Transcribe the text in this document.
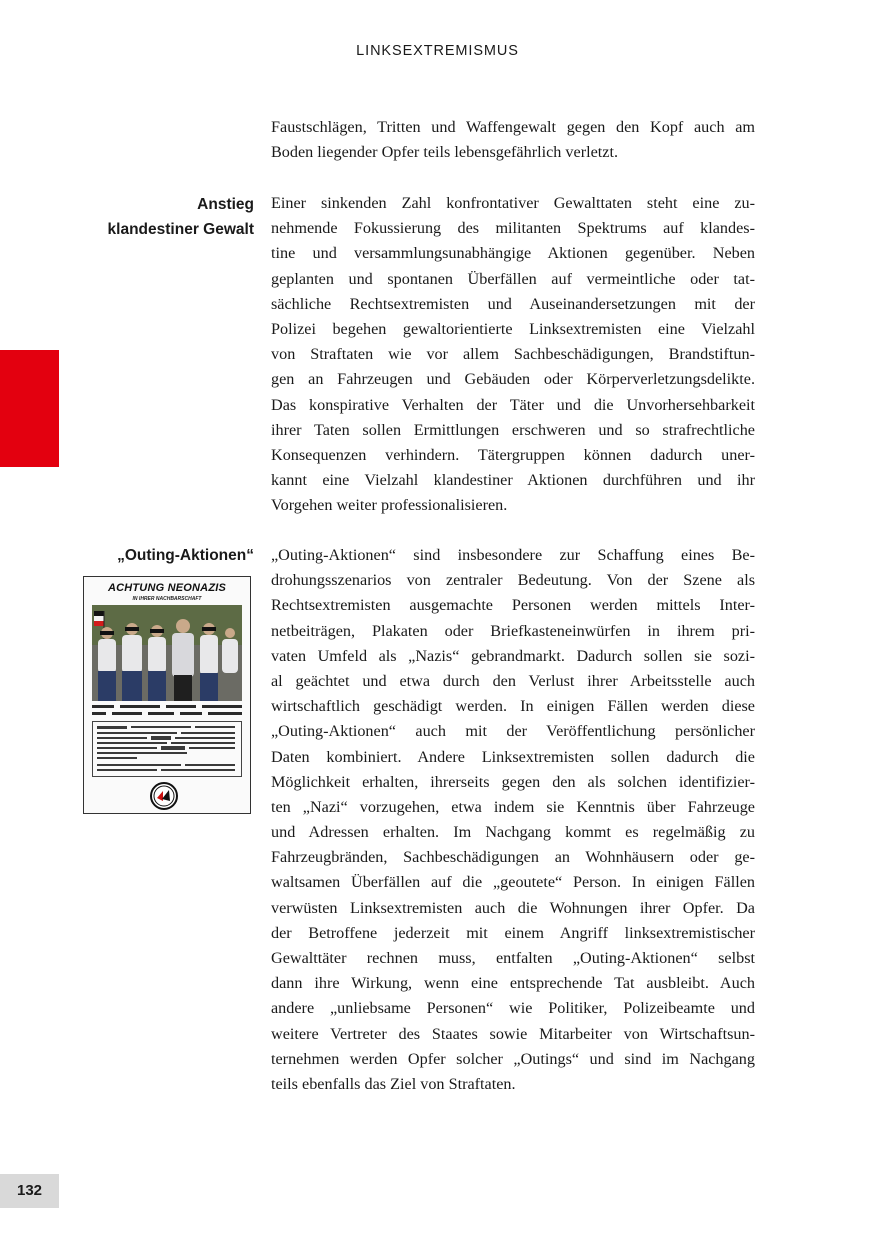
LINKSEXTREMISMUS
132
Faustschlägen, Tritten und Waffengewalt gegen den Kopf auch am
Boden liegender Opfer teils lebensgefährlich verletzt.
Anstieg
klandestiner Gewalt
Einer sinkenden Zahl konfrontativer Gewalttaten steht eine zu-
nehmende Fokussierung des militanten Spektrums auf klandes-
tine und versammlungsunabhängige Aktionen gegenüber. Neben
geplanten und spontanen Überfällen auf vermeintliche oder tat-
sächliche Rechtsextremisten und Auseinandersetzungen mit der
Polizei begehen gewaltorientierte Linksextremisten eine Vielzahl
von Straftaten wie vor allem Sachbeschädigungen, Brandstiftun-
gen an Fahrzeugen und Gebäuden oder Körperverletzungsdelikte.
Das konspirative Verhalten der Täter und die Unvorhersehbarkeit
ihrer Taten sollen Ermittlungen erschweren und so strafrechtliche
Konsequenzen verhindern. Tätergruppen können dadurch uner-
kannt eine Vielzahl klandestiner Aktionen durchführen und ihr
Vorgehen weiter professionalisieren.
„Outing-Aktionen“ „Outing-Aktionen“ sind insbesondere zur Schaffung eines Be-
drohungsszenarios von zentraler Bedeutung. Von der Szene als
Rechtsextremisten ausgemachte Personen werden mittels Inter-
netbeiträgen, Plakaten oder Briefkasteneinwürfen in ihrem pri-
vaten Umfeld als „Nazis“ gebrandmarkt. Dadurch sollen sie sozi-
al geächtet und etwa durch den Verlust ihrer Arbeitsstelle auch
wirtschaftlich geschädigt werden. In einigen Fällen werden diese
„Outing-Aktionen“ auch mit der Veröffentlichung persönlicher
Daten kombiniert. Andere Linksextremisten sollen dadurch die
Möglichkeit erhalten, ihrerseits gegen den als solchen identifizier-
ten „Nazi“ vorzugehen, etwa indem sie Kenntnis über Fahrzeuge
und Adressen erhalten. Im Nachgang kommt es regelmäßig zu
Fahrzeugbränden, Sachbeschädigungen an Wohnhäusern oder ge-
waltsamen Überfällen auf die „geoutete“ Person. In einigen Fällen
verwüsten Linksextremisten auch die Wohnungen ihrer Opfer. Da
der Betroffene jederzeit mit einem Angriff linksextremistischer
Gewalttäter rechnen muss, entfalten „Outing-Aktionen“ selbst
dann ihre Wirkung, wenn eine entsprechende Tat ausbleibt. Auch
andere „unliebsame Personen“ wie Politiker, Polizeibeamte und
weitere Vertreter des Staates sowie Mitarbeiter von Wirtschaftsun-
ternehmen werden Opfer solcher „Outings“ und sind im Nachgang
teils ebenfalls das Ziel von Straftaten.
ACHTUNG NEONAZIS
IN IHRER NACHBARSCHAFT
